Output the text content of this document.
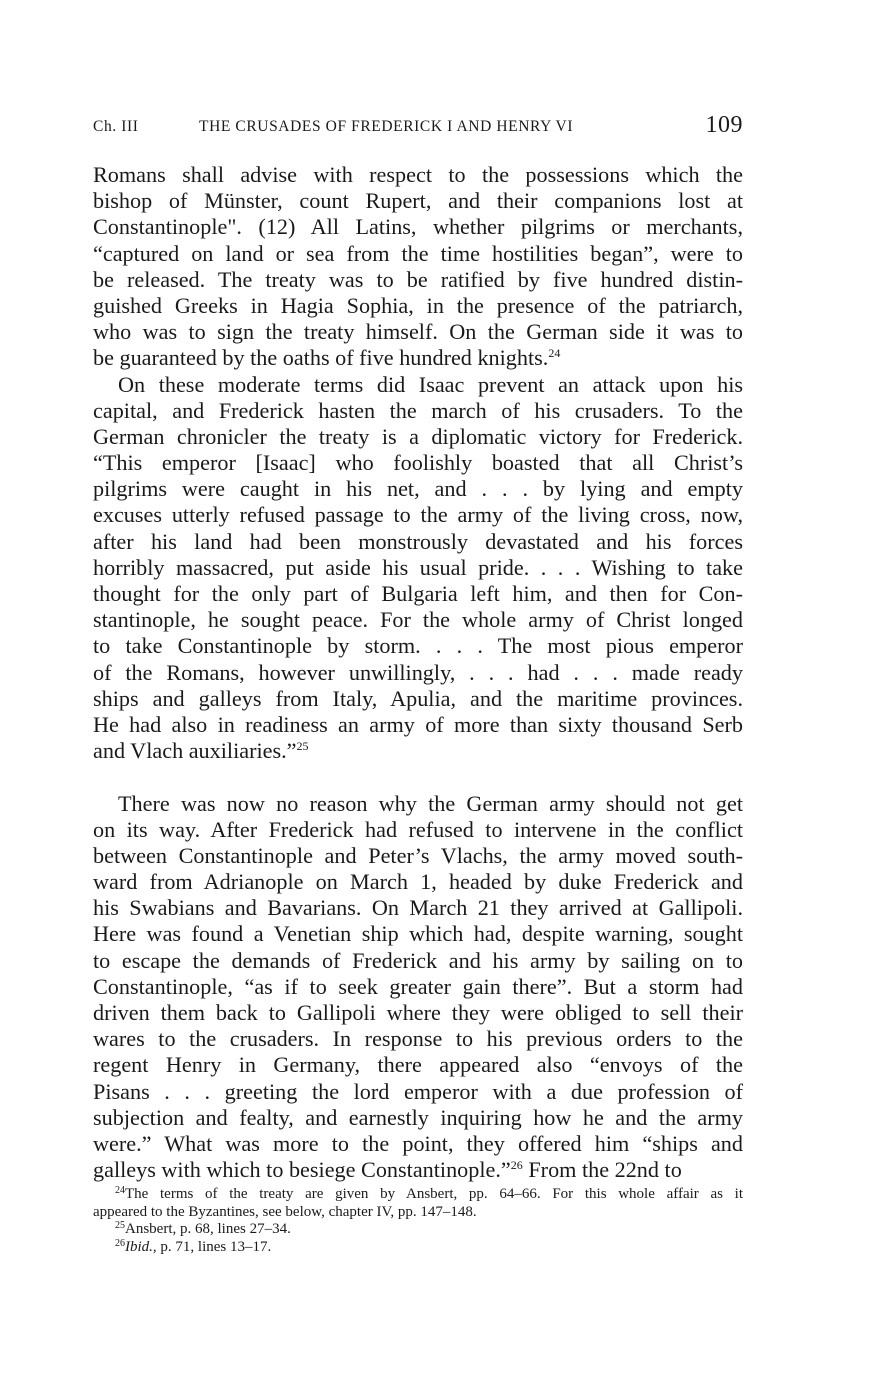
Ch. III	THE CRUSADES OF FREDERICK I AND HENRY VI	109
Romans shall advise with respect to the possessions which the
bishop of Münster, count Rupert, and their companions lost at
Constantinople". (12) All Latins, whether pilgrims or merchants,
“captured on land or sea from the time hostilities began”, were to
be released. The treaty was to be ratified by five hundred distin-
guished Greeks in Hagia Sophia, in the presence of the patriarch,
who was to sign the treaty himself. On the German side it was to
be guaranteed by the oaths of five hundred knights.$^{24}$
On these moderate terms did Isaac prevent an attack upon his
capital, and Frederick hasten the march of his crusaders. To the
German chronicler the treaty is a diplomatic victory for Frederick.
“This emperor [Isaac] who foolishly boasted that all Christ’s
pilgrims were caught in his net, and . . . by lying and empty
excuses utterly refused passage to the army of the living cross, now,
after his land had been monstrously devastated and his forces
horribly massacred, put aside his usual pride. . . . Wishing to take
thought for the only part of Bulgaria left him, and then for Con-
stantinople, he sought peace. For the whole army of Christ longed
to take Constantinople by storm. . . . The most pious emperor
of the Romans, however unwillingly, . . . had . . . made ready
ships and galleys from Italy, Apulia, and the maritime provinces.
He had also in readiness an army of more than sixty thousand Serb
and Vlach auxiliaries.”$^{25}$
There was now no reason why the German army should not get
on its way. After Frederick had refused to intervene in the conflict
between Constantinople and Peter’s Vlachs, the army moved south-
ward from Adrianople on March 1, headed by duke Frederick and
his Swabians and Bavarians. On March 21 they arrived at Gallipoli.
Here was found a Venetian ship which had, despite warning, sought
to escape the demands of Frederick and his army by sailing on to
Constantinople, “as if to seek greater gain there”. But a storm had
driven them back to Gallipoli where they were obliged to sell their
wares to the crusaders. In response to his previous orders to the
regent Henry in Germany, there appeared also “envoys of the
Pisans . . . greeting the lord emperor with a due profession of
subjection and fealty, and earnestly inquiring how he and the army
were.” What was more to the point, they offered him “ships and
galleys with which to besiege Constantinople.”$^{26}$ From the 22nd to
$^{24}$The terms of the treaty are given by Ansbert, pp. 64–66. For this whole affair as it
appeared to the Byzantines, see below, chapter IV, pp. 147–148.
$^{25}$Ansbert, p. 68, lines 27–34.
$^{26}$Ibid., p. 71, lines 13–17.
